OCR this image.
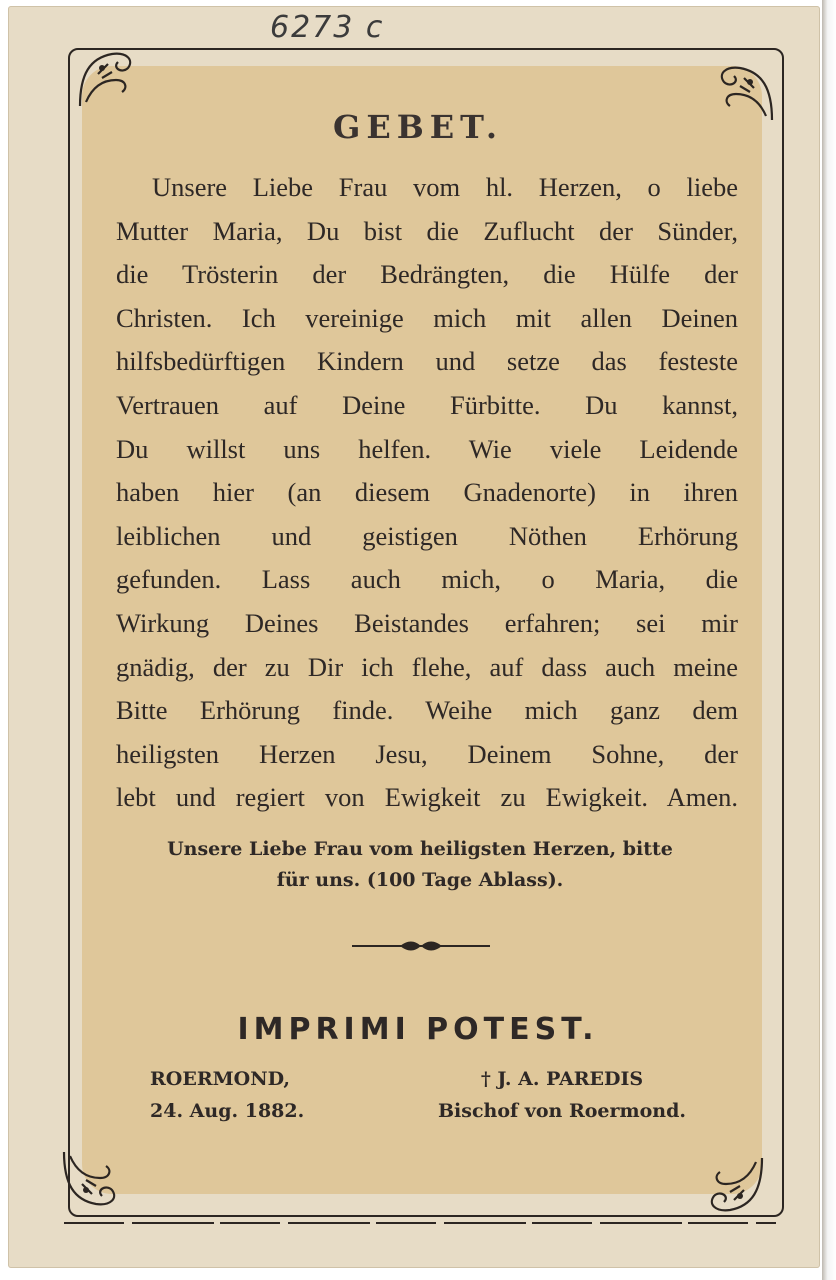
6273 c
GEBET.
Unsere Liebe Frau vom hl. Herzen, o liebe
Mutter Maria, Du bist die Zuflucht der Sünder,
die Trösterin der Bedrängten, die Hülfe der
Christen. Ich vereinige mich mit allen Deinen
hilfsbedürftigen Kindern und setze das festeste
Vertrauen auf Deine Fürbitte. Du kannst,
Du willst uns helfen. Wie viele Leidende
haben hier (an diesem Gnadenorte) in ihren
leiblichen und geistigen Nöthen Erhörung
gefunden. Lass auch mich, o Maria, die
Wirkung Deines Beistandes erfahren; sei mir
gnädig, der zu Dir ich flehe, auf dass auch meine
Bitte Erhörung finde. Weihe mich ganz dem
heiligsten Herzen Jesu, Deinem Sohne, der
lebt und regiert von Ewigkeit zu Ewigkeit. Amen.
Unsere Liebe Frau vom heiligsten Herzen, bitte
für uns. (100 Tage Ablass).
IMPRIMI POTEST.
ROERMOND,
24. Aug. 1882.
† J. A. PAREDIS
Bischof von Roermond.
